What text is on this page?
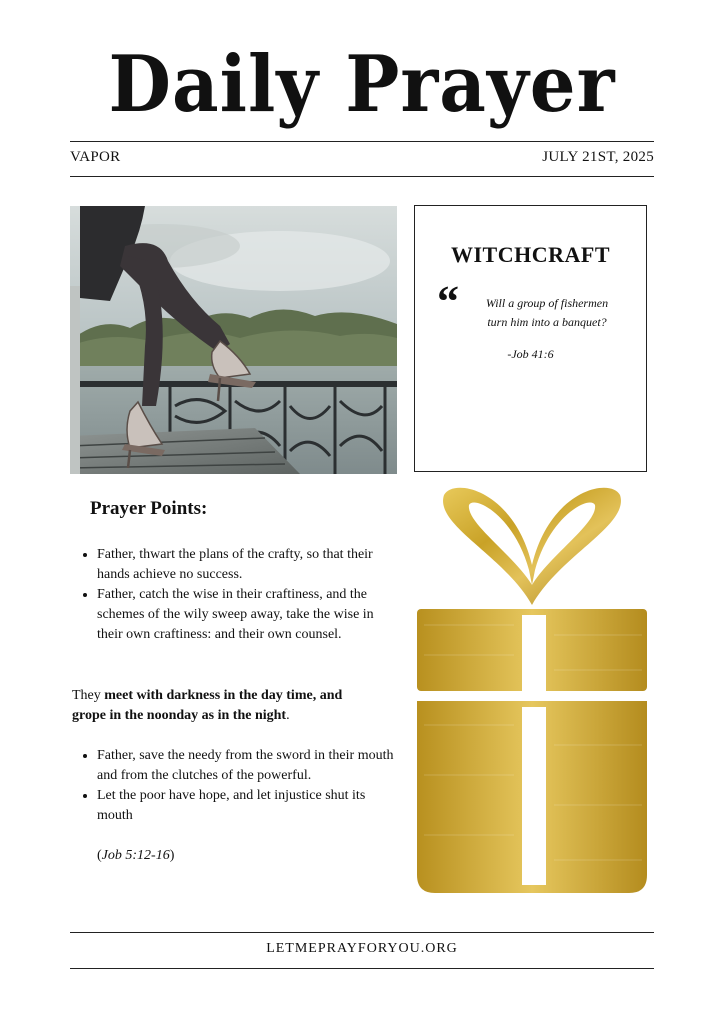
Daily Prayer
VAPOR	JULY 21ST, 2025
WITCHCRAFT
“	Will a group of fishermen turn him into a banquet?
-Job 41:6
Prayer Points:
• Father, thwart the plans of the crafty, so that their hands achieve no success.
• Father, catch the wise in their craftiness, and the schemes of the wily sweep away, take the wise in their own craftiness: and their own counsel.
They meet with darkness in the day time, and grope in the noonday as in the night.
• Father, save the needy from the sword in their mouth and from the clutches of the powerful.
• Let the poor have hope, and let injustice shut its mouth
(Job 5:12-16)
LETMEPRAYFORYOU.ORG
